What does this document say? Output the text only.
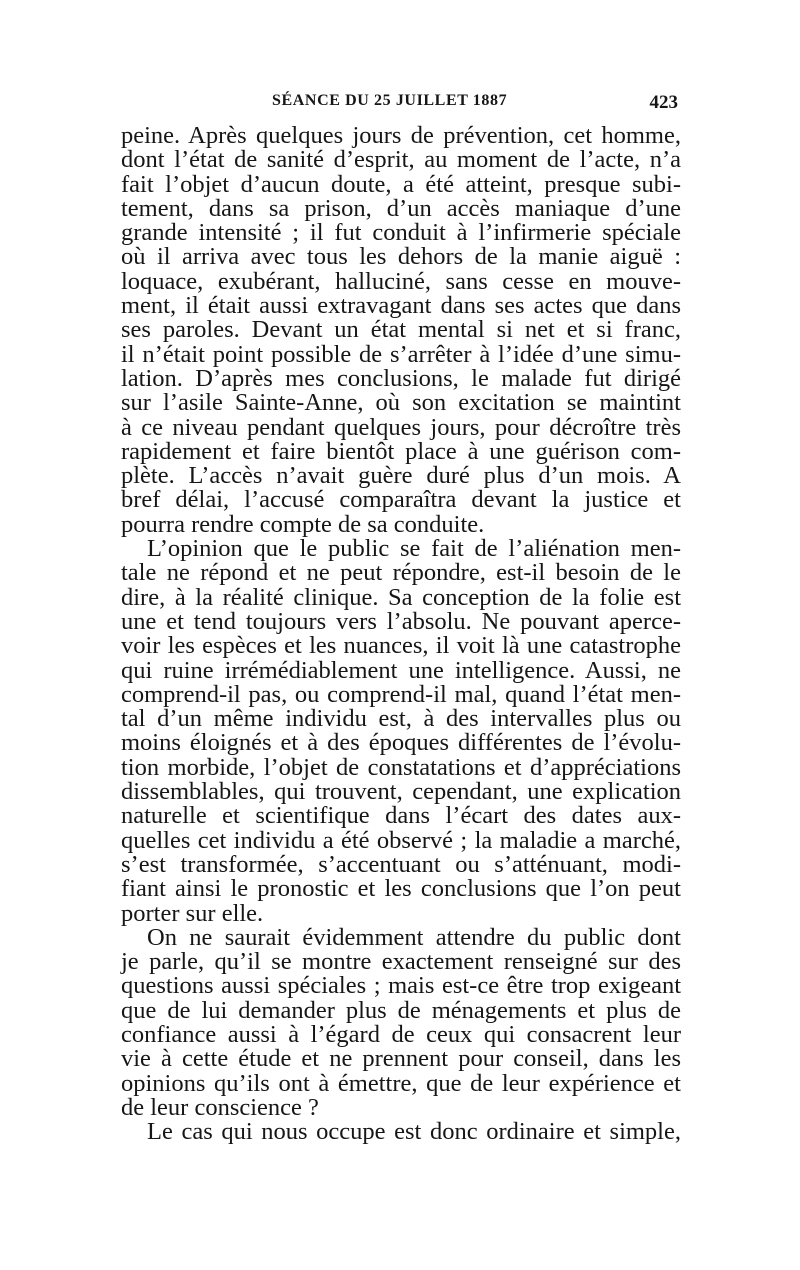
SÉANCE DU 25 JUILLET 1887	423
peine. Après quelques jours de prévention, cet homme,
dont l’état de sanité d’esprit, au moment de l’acte, n’a
fait l’objet d’aucun doute, a été atteint, presque subi-
tement, dans sa prison, d’un accès maniaque d’une
grande intensité ; il fut conduit à l’infirmerie spéciale
où il arriva avec tous les dehors de la manie aiguë :
loquace, exubérant, halluciné, sans cesse en mouve-
ment, il était aussi extravagant dans ses actes que dans
ses paroles. Devant un état mental si net et si franc,
il n’était point possible de s’arrêter à l’idée d’une simu-
lation. D’après mes conclusions, le malade fut dirigé
sur l’asile Sainte-Anne, où son excitation se maintint
à ce niveau pendant quelques jours, pour décroître très
rapidement et faire bientôt place à une guérison com-
plète. L’accès n’avait guère duré plus d’un mois. A
bref délai, l’accusé comparaîtra devant la justice et
pourra rendre compte de sa conduite.
L’opinion que le public se fait de l’aliénation men-
tale ne répond et ne peut répondre, est-il besoin de le
dire, à la réalité clinique. Sa conception de la folie est
une et tend toujours vers l’absolu. Ne pouvant aperce-
voir les espèces et les nuances, il voit là une catastrophe
qui ruine irrémédiablement une intelligence. Aussi, ne
comprend-il pas, ou comprend-il mal, quand l’état men-
tal d’un même individu est, à des intervalles plus ou
moins éloignés et à des époques différentes de l’évolu-
tion morbide, l’objet de constatations et d’appréciations
dissemblables, qui trouvent, cependant, une explication
naturelle et scientifique dans l’écart des dates aux-
quelles cet individu a été observé ; la maladie a marché,
s’est transformée, s’accentuant ou s’atténuant, modi-
fiant ainsi le pronostic et les conclusions que l’on peut
porter sur elle.
On ne saurait évidemment attendre du public dont
je parle, qu’il se montre exactement renseigné sur des
questions aussi spéciales ; mais est-ce être trop exigeant
que de lui demander plus de ménagements et plus de
confiance aussi à l’égard de ceux qui consacrent leur
vie à cette étude et ne prennent pour conseil, dans les
opinions qu’ils ont à émettre, que de leur expérience et
de leur conscience ?
Le cas qui nous occupe est donc ordinaire et simple,
